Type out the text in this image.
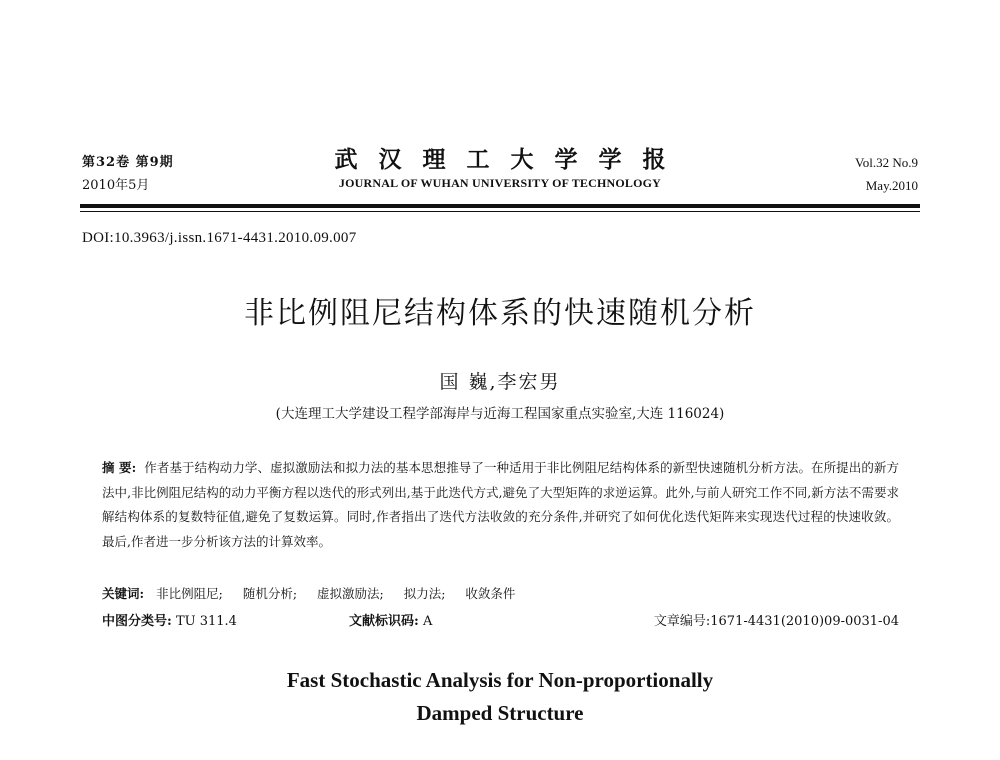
第32卷 第9期
2010年5月
武汉理工大学学报
JOURNAL OF WUHAN UNIVERSITY OF TECHNOLOGY
Vol.32 No.9
May.2010
DOI:10.3963/j.issn.1671-4431.2010.09.007
非比例阻尼结构体系的快速随机分析
国 巍,李宏男
(大连理工大学建设工程学部海岸与近海工程国家重点实验室,大连 116024)
摘 要: 作者基于结构动力学、虚拟激励法和拟力法的基本思想推导了一种适用于非比例阻尼结构体系的新型快速随机分析方法。在所提出的新方法中,非比例阻尼结构的动力平衡方程以迭代的形式列出,基于此迭代方式,避免了大型矩阵的求逆运算。此外,与前人研究工作不同,新方法不需要求解结构体系的复数特征值,避免了复数运算。同时,作者指出了迭代方法收敛的充分条件,并研究了如何优化迭代矩阵来实现迭代过程的快速收敛。最后,作者进一步分析该方法的计算效率。
关键词: 非比例阻尼; 随机分析; 虚拟激励法; 拟力法; 收敛条件
中图分类号: TU 311.4	文献标识码: A	文章编号:1671-4431(2010)09-0031-04
Fast Stochastic Analysis for Non-proportionally
Damped Structure
